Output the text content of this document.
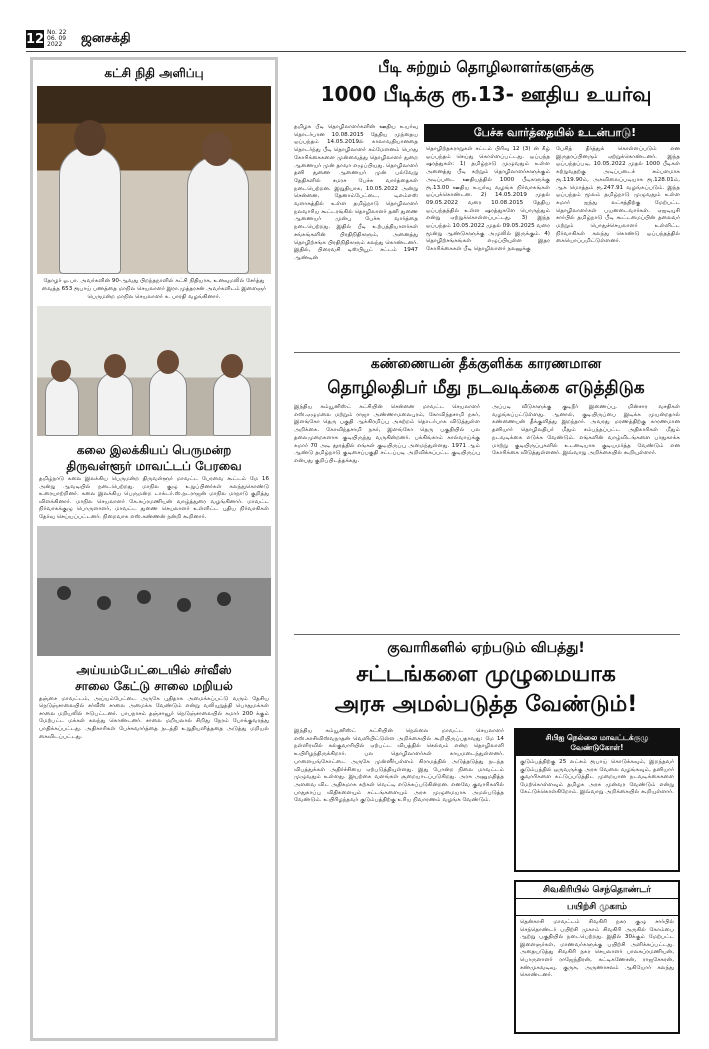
12 No. 22 06. 09 2022	ஜனசக்தி
கட்சி நிதி அளிப்பு
தோழர் ஓ.பா. அவர்களின் 90-ஆவது பிறந்தநாளில் கட்சி நிதியாக, உனவுமலில் சேர்த்து வைத்த 653 ரூபாய் பணத்தை மாநில செயலாளர் இரா.முத்தரசன் அவர்களிடம் இளைஞர் பெருமன்ற மாநில செயலாளர் க. பாரதி வழங்கினார்.
கலை இலக்கியப் பெருமன்ற
திருவள்ளூர் மாவட்டப் பேரவை
தமிழ்நாடு கலை இலக்கிய பெருமன்ற திருவள்ளூர் மாவட்ட பேரவை கூட்டம் மே 16 அன்று ஆவடியில் நடைபெற்றது. மாநில குழு உறுப்பினர்கள் கலந்துகொண்டு உரையாற்றினர். கலை இலக்கிய பெருமன்ற டாக்டர்.ஸ்.நடராஜன் மாநில மாநாடு குறித்து விளக்கினார். மாநில செயலாளர் கே.சுப்ரமணியன் வாழ்த்துரை வழங்கினார். மாவட்ட நிர்வாகக்குழு பொருளாளர், மாவட்ட துணை செயலாளர் உள்ளிட்ட புதிய நிர்வாகிகள் தேர்வு செய்யப்பட்டனர். நிறைவாக எஸ்.கண்ணன் நன்றி கூறினார்.
அய்யம்பேட்டையில் சர்வீஸ்
சாலை கேட்டு சாலை மறியல்
தஞ்சை மாவட்டம், அய்யம்பேட்டை அருகே புதிதாக அமைக்கப்பட்டு வரும் தேசிய நெடுஞ்சாலையில் சர்வீஸ் சாலை அமைக்க வேண்டும் என்று வலியுறுத்தி பொதுமக்கள் சாலை மறியலில் ஈடுபட்டனர். பாபநாசம் தஞ்சாவூர் நெடுஞ்சாலையில் சுமார் 200 க்கும் மேற்பட்ட மக்கள் கலந்து கொண்டனர். சாலை மறியலால் சிறிது நேரம் போக்குவரத்து பாதிக்கப்பட்டது. அதிகாரிகள் பேச்சுவார்த்தை நடத்தி உறுதியளித்ததை அடுத்து மறியல் கைவிடப்பட்டது.
பீடி சுற்றும் தொழிலாளர்களுக்கு
1000 பீடிக்கு ரூ.13- ஊதிய உயர்வு
பேச்சு வார்த்தையில் உடன்பாடு!
தமிழக பீடி தொழிலாளர்களின் ஊதிய உயர்வு தொடர்பான 10.08.2015 தேதிய முந்தைய ஒப்பந்தம் 14.05.2019ல் காலாவதியானதை தொடர்ந்து பீடி தொழிலாளர் சம்மேளனம் பொது கோரிக்கைகளை முன்வைத்து தொழிலாளர் துறை ஆணையர் முன் தாவா எழுப்பியது. தொழிலாளர் தனி துணை ஆணையர் முன் பல்வேறு தேதிகளில் சமரச பேச்சு வார்த்தைகள் நடைபெற்றன. இறுதியாக, 10.05.2022 அன்று சென்னை, தேனாம்பேட்டை, டிஎம்எஸ் வளாகத்தில் உள்ள தமிழ்நாடு தொழிலாளர் நலவாரிய கூட்டரங்கில் தொழிலாளர் தனி துணை ஆணையர் முன்பு பேச்சு வார்த்தை நடைபெற்றது. இதில் பீடி உற்பத்தியாளர்கள் சங்கங்களின் பிரதிநிதிகளும், அனைத்து தொழிற்சங்க பிரதிநிதிகளும் கலந்து கொண்டனர். இதில், பிரைவசி டிஸ்பியூட் சட்டம் 1947 ஆண்டின்
தொழிற்தகராறுகள் சட்டம் பிரிவு 12 (3) ன் கீழ் ஒப்பந்தம் செய்து கொள்ளப்பட்டது. ஒப்பந்த ஷரத்துகள்: 1) தமிழ்நாடு முழுவதும் உள்ள அனைத்து பீடி சுற்றும் தொழிலாளர்களுக்கும் அடிப்படை ஊதியத்தில் 1000 பீடிகளுக்கு ரூ.13.00 ஊதிய உயர்வு வழங்க நிர்வாகங்கள் ஒப்புக்கொண்டன. 2) 14.05.2019 முதல் 09.05.2022 வரை 10.08.2015 தேதிய ஒப்பந்தத்தில் உள்ள ஷரத்துகளே பொருந்தும் என்று ஏற்றுக்கொள்ளப்பட்டது. 3) இந்த ஒப்பந்தம் 10.05.2022 முதல் 09.05.2025 வரை மூன்று ஆண்டுகளுக்கு அமுலில் இருக்கும். 4) தொழிற்சங்கங்கள் எழுப்பியுள்ள இதர கோரிக்கைகள் பீடி தொழிலாளர் நலனுக்கு
பேசித் தீர்த்துக் கொள்ளப்படும் என இருதரப்பினரும் ஏற்றுக்கொண்டனர். இந்த ஒப்பந்தப்படி, 10.05.2022 முதல் 1000 பீடிகள் சுற்றுவதற்கு அடிப்படைச் சம்பளமாக ரூ.119.90ம், அகவிலைப்படியாக ரூ.128.01ம், ஆக மொத்தம் ரூ.247.91 வழங்கப்படும். இந்த ஒப்பந்தம் மூலம் தமிழ்நாடு முழுவதும் உள்ள சுமார் ஐந்து லட்சத்திற்கு மேற்பட்ட தொழிலாளர்கள் பயனடைவார்கள். ஏஐடியுசி சார்பில் தமிழ்நாடு பீடி கூட்டமைப்பின் தலைவர் மற்றும் பொதுச்செயலாளர் உள்ளிட்ட நிர்வாகிகள் கலந்து கொண்டு ஒப்பந்தத்தில் கையொப்பமிட்டுள்ளனர்.
கண்ணையன் தீக்குளிக்க காரணமான
தொழிலதிபர் மீது நடவடிக்கை எடுத்திடுக
இந்திய கம்யூனிஸ்ட் கட்சியின் சென்னை மாவட்ட செயலாளர் எஸ்.ஏழுமலை மற்றும் ராஜா அண்ணாமலைபுரம், கோவிந்தசாமி நகர், இளங்கோ தெரு பகுதி ஆக்கிரமிப்பு அகற்றம் தொடர்பாக விடுத்துள்ள அறிக்கை. கோவிந்தசாமி நகர், இளங்கோ தெரு பகுதியில் பல தலைமுறைகளாக குடியிருந்து வருகின்றனர். பக்கிங்காம் கால்வாய்க்கு சுமார் 70 அடி தூரத்தில் எங்கள் குடியிருப்பு அமைந்துள்ளது. 1971 ஆம் ஆண்டு தமிழ்நாடு குடிசைப்பகுதி சட்டப்படி அறிவிக்கப்பட்ட குடியிருப்பு என்பது குறிப்பிடத்தக்கது.
அப்படி வீடுகளுக்கு குடிநீர் இணைப்பு, மின்சார வசதிகள் வழங்கப்பட்டுள்ளது. ஆனால், குடியிருப்பை இடிக்க முயன்றதால் கண்ணையன் தீக்குளித்து இறந்தார். அவரது மரணத்திற்கு காரணமான தனியார் தொழிலதிபர் மீதும் சம்பந்தப்பட்ட அதிகாரிகள் மீதும் நடவடிக்கை எடுக்க வேண்டும். எங்களின் வாழ்விடங்களை பாதுகாக்க மாற்று குடியிருப்புகளில் உடனடியாக குடியமர்த்த வேண்டும் என கோரிக்கை விடுத்துள்ளனர். இவ்வாறு அறிக்கையில் கூறியுள்ளார்.
குவாரிகளில் ஏற்படும் விபத்து!
சட்டங்களை முழுமையாக
அரசு அமல்படுத்த வேண்டும்!
இந்திய கம்யூனிஸ்ட் கட்சியின் நெல்லை மாவட்ட செயலாளர் எஸ்.காசிவிஸ்வநாதன் வெளியிட்டுள்ள அறிக்கையில் கூறியிருப்பதாவது: மே 14 நள்ளிரவில் கல்குவாரியில் ஏற்பட்ட விபத்தில் செல்வம் என்ற தொழிலாளி உயிரிழந்திருக்கிறார். பல தொழிலாளர்கள் காயமடைந்துள்ளனர். பாளையங்கோட்டை அருகே முன்னீர்பள்ளம் கிராமத்தில் அடுத்தடுத்து நடந்த விபத்துக்கள் அதிர்ச்சியை ஏற்படுத்தியுள்ளது. இது போன்ற நிலை மாவட்டம் முழுவதும் உள்ளது. இயற்கை வளங்கள் சூறையாடப்படுகிறது. அரசு அனுமதித்த அளவை விட அதிகமாக கற்கள் வெட்டி எடுக்கப்படுகின்றன. எனவே குவாரிகளில் பாதுகாப்பு விதிகளையும் சட்டங்களையும் அரசு முழுமையாக அமல்படுத்த வேண்டும். உயிரிழந்தவர் குடும்பத்திற்கு உரிய நிவாரணம் வழங்க வேண்டும்.
சிபிஐ நெல்லை மாவட்டக்குழு வேண்டுகோள்!
குடும்பத்திற்கு 25 லட்சம் ரூபாய் கொடுக்கவும், இறந்தவர் குடும்பத்தில் ஒருவருக்கு அரசு வேலை வழங்கவும், தனியார் குவாரிகளை கட்டுப்படுத்திட முறையான நடவடிக்கைகளை மேற்கொள்ளவும் தமிழக அரசு முன்வர வேண்டும் என்று கேட்டுக்கொள்கிறோம். இவ்வாறு அறிக்கையில் கூறியுள்ளார்.
சிவகிரியில் செந்தொண்டர்
பயிற்சி முகாம்
தென்காசி மாவட்டம் சிவகிரி நகர குழு சார்பில் செந்தொண்டர் பயிற்சி முகாம் சிவகிரி அருகில் கோம்பை ஆற்று பகுதியில் நடைபெற்றது. இதில் 30க்கும் மேற்பட்ட இளைஞர்கள், மாணவர்களுக்கு பயிற்சி அளிக்கப்பட்டது. அதையடுத்து சிவகிரி நகர செயலாளர் பாலசுப்ரமணியன், பொருளாளர் ராஜேந்திரன், கட்டிகணேசன், ராஜசேகரன், சண்முகவடிவு, குருசு, அருணாசலம் ஆகியோர் கலந்து கொண்டனர்.
